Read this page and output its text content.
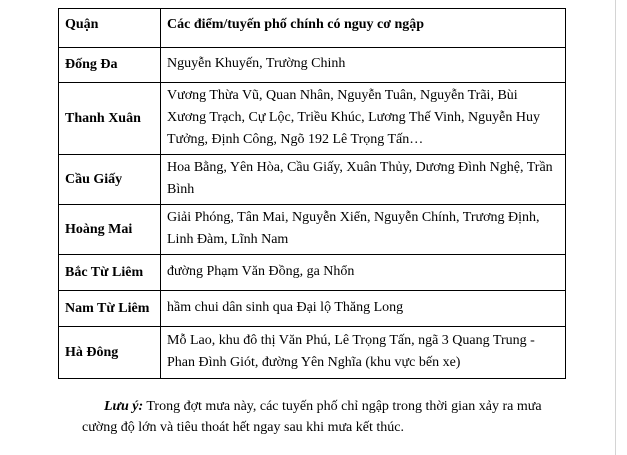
Quận	Các điểm/tuyến phố chính có nguy cơ ngập
Đống Đa	Nguyễn Khuyến, Trường Chinh
Thanh Xuân	Vương Thừa Vũ, Quan Nhân, Nguyễn Tuân, Nguyễn Trãi, Bùi Xương Trạch, Cự Lộc, Triều Khúc, Lương Thế Vinh, Nguyễn Huy Tưởng, Định Công, Ngõ 192 Lê Trọng Tấn…
Cầu Giấy	Hoa Bằng, Yên Hòa, Cầu Giấy, Xuân Thủy, Dương Đình Nghệ, Trần Bình
Hoàng Mai	Giải Phóng, Tân Mai, Nguyễn Xiển, Nguyễn Chính, Trương Định, Linh Đàm, Lĩnh Nam
Bắc Từ Liêm	đường Phạm Văn Đồng, ga Nhổn
Nam Từ Liêm	hầm chui dân sinh qua Đại lộ Thăng Long
Hà Đông	Mỗ Lao, khu đô thị Văn Phú, Lê Trọng Tấn, ngã 3 Quang Trung - Phan Đình Giót, đường Yên Nghĩa (khu vực bến xe)

Lưu ý: Trong đợt mưa này, các tuyến phố chỉ ngập trong thời gian xảy ra mưa cường độ lớn và tiêu thoát hết ngay sau khi mưa kết thúc.
